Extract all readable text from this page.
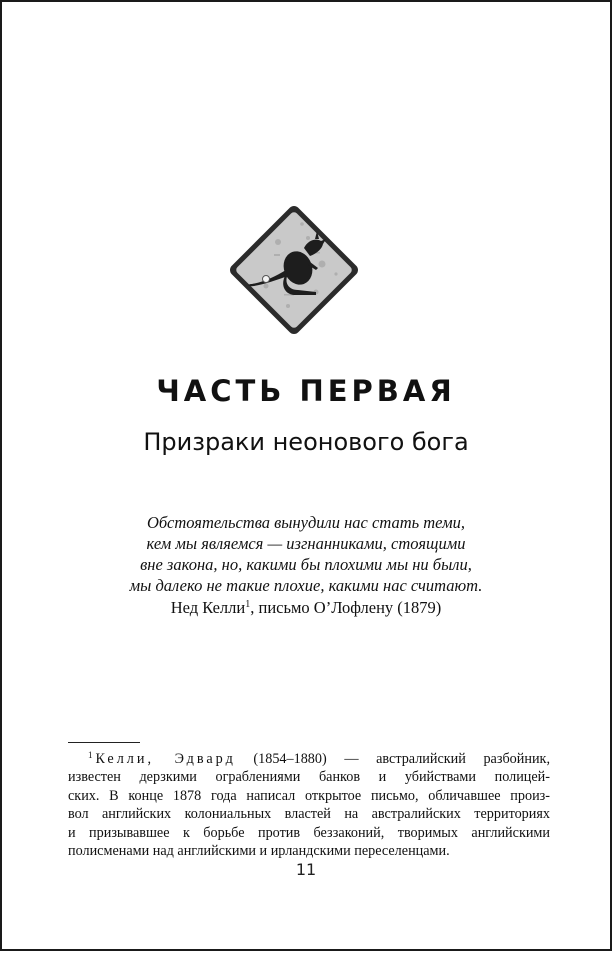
ЧАСТЬ ПЕРВАЯ
Призраки неонового бога
Обстоятельства вынудили нас стать теми,
кем мы являемся — изгнанниками, стоящими
вне закона, но, какими бы плохими мы ни были,
мы далеко не такие плохие, какими нас считают.
Нед Келли$^1$, письмо О’Лофлену (1879)
$^1$ Келли, Эдвард (1854–1880) — австралийский разбойник,
известен дерзкими ограблениями банков и убийствами полицей-
ских. В конце 1878 года написал открытое письмо, обличавшее произ-
вол английских колониальных властей на австралийских территориях
и призывавшее к борьбе против беззаконий, творимых английскими
полисменами над английскими и ирландскими переселенцами.
11
